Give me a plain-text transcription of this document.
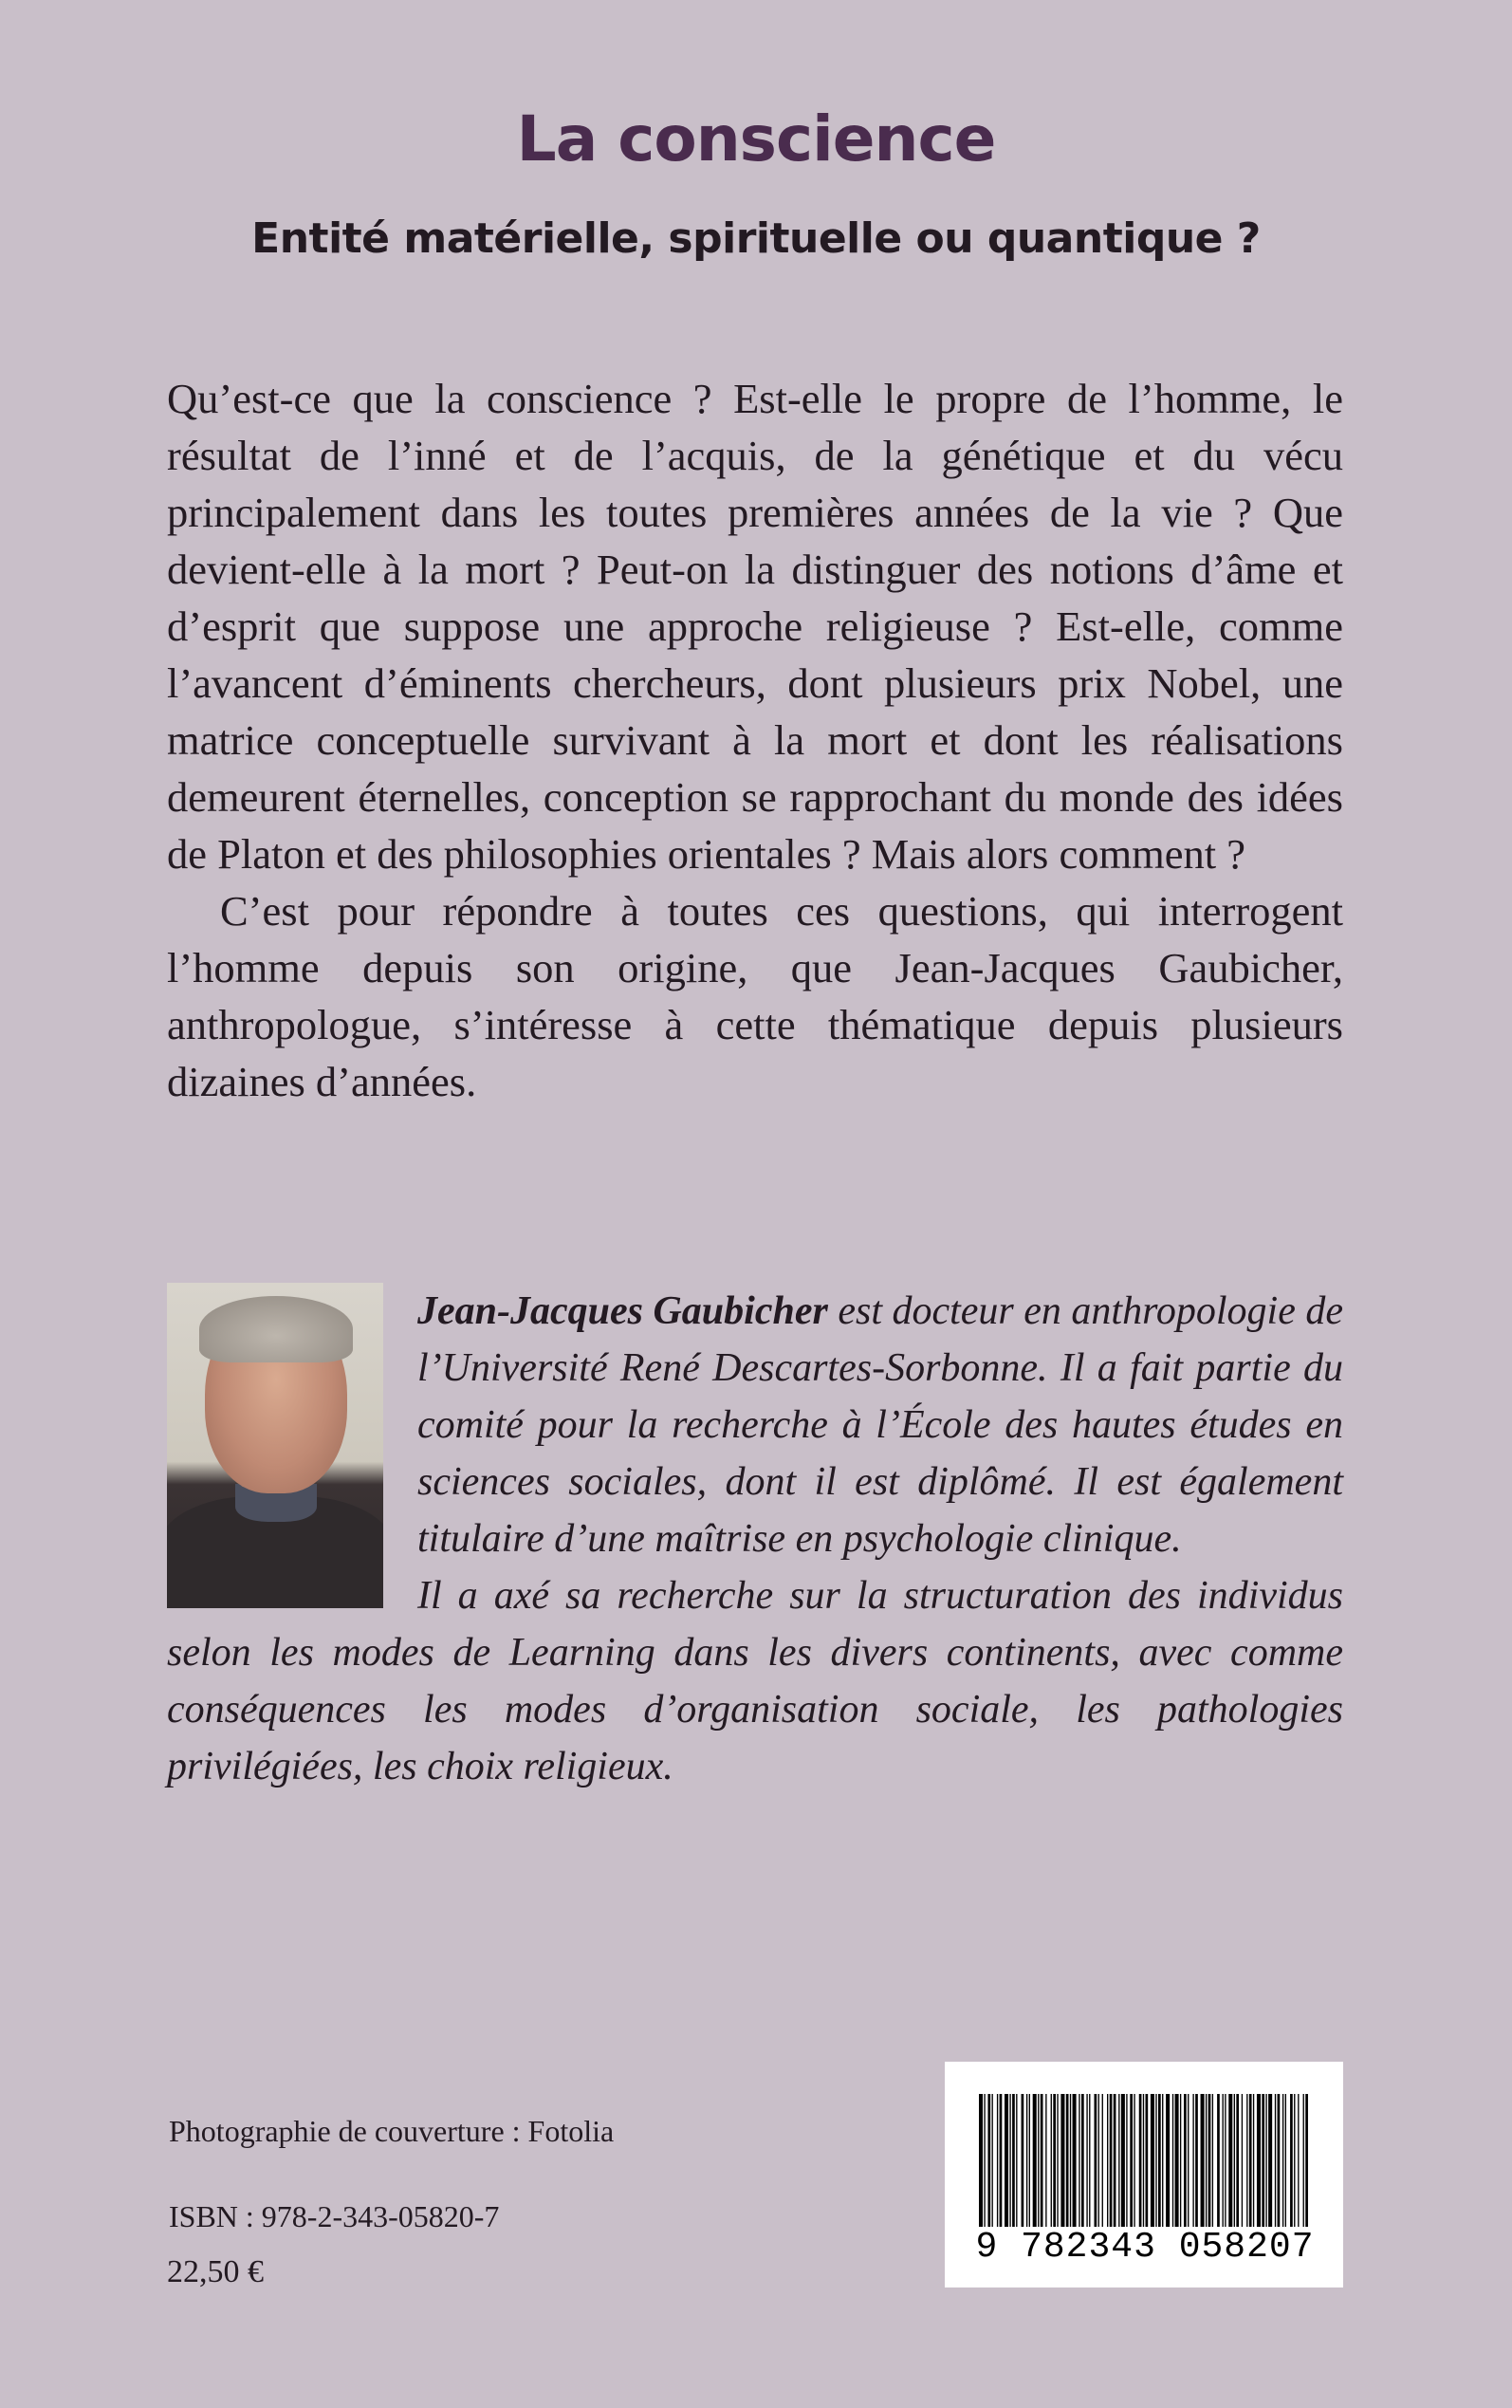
La conscience
Entité matérielle, spirituelle ou quantique ?

Qu’est-ce que la conscience ? Est-elle le propre de l’homme, le résultat de l’inné et de l’acquis, de la génétique et du vécu principalement dans les toutes premières années de la vie ? Que devient-elle à la mort ? Peut-on la distinguer des notions d’âme et d’esprit que suppose une approche religieuse ? Est-elle, comme l’avancent d’éminents chercheurs, dont plusieurs prix Nobel, une matrice conceptuelle survivant à la mort et dont les réalisations demeurent éternelles, conception se rapprochant du monde des idées de Platon et des philosophies orientales ? Mais alors comment ?

C’est pour répondre à toutes ces questions, qui interrogent l’homme depuis son origine, que Jean-Jacques Gaubicher, anthropologue, s’intéresse à cette thématique depuis plusieurs dizaines d’années.

Jean-Jacques Gaubicher est docteur en anthropologie de l’Université René Descartes-Sorbonne. Il a fait partie du comité pour la recherche à l’École des hautes études en sciences sociales, dont il est diplômé. Il est également titulaire d’une maîtrise en psychologie clinique.

Il a axé sa recherche sur la structuration des individus selon les modes de Learning dans les divers continents, avec comme conséquences les modes d’organisation sociale, les pathologies privilégiées, les choix religieux.

Photographie de couverture : Fotolia
ISBN : 978-2-343-05820-7
22,50 €
9 782343 058207
